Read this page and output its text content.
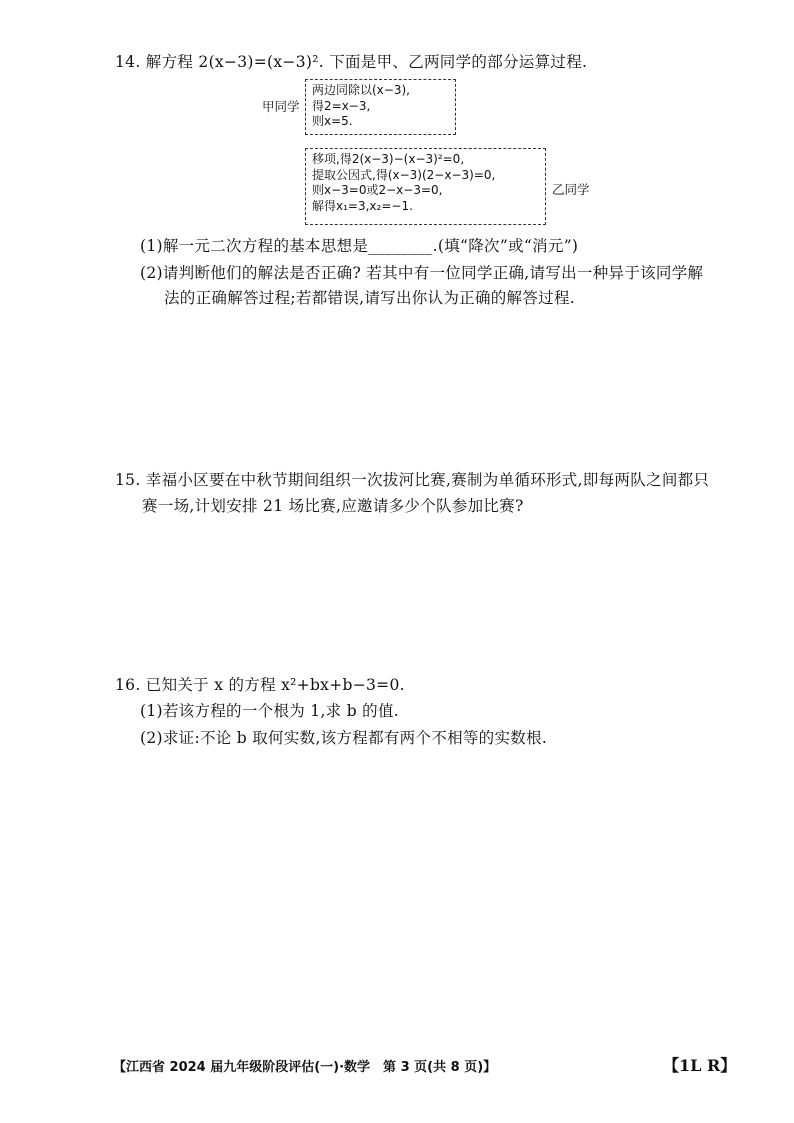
14. 解方程 2(x−3)=(x−3)². 下面是甲、乙两同学的部分运算过程.
甲同学
两边同除以(x−3),
得2=x−3,
则x=5.
移项,得2(x−3)−(x−3)²=0,
提取公因式,得(x−3)(2−x−3)=0,
则x−3=0或2−x−3=0,
解得x₁=3,x₂=−1.
乙同学
(1)解一元二次方程的基本思想是________.(填“降次”或“消元”)
(2)请判断他们的解法是否正确? 若其中有一位同学正确,请写出一种异于该同学解
法的正确解答过程;若都错误,请写出你认为正确的解答过程.
15. 幸福小区要在中秋节期间组织一次拔河比赛,赛制为单循环形式,即每两队之间都只
赛一场,计划安排 21 场比赛,应邀请多少个队参加比赛?
16. 已知关于 x 的方程 x²+bx+b−3=0.
(1)若该方程的一个根为 1,求 b 的值.
(2)求证:不论 b 取何实数,该方程都有两个不相等的实数根.
【江西省 2024 届九年级阶段评估(一)·数学　第 3 页(共 8 页)】	【1L R】
